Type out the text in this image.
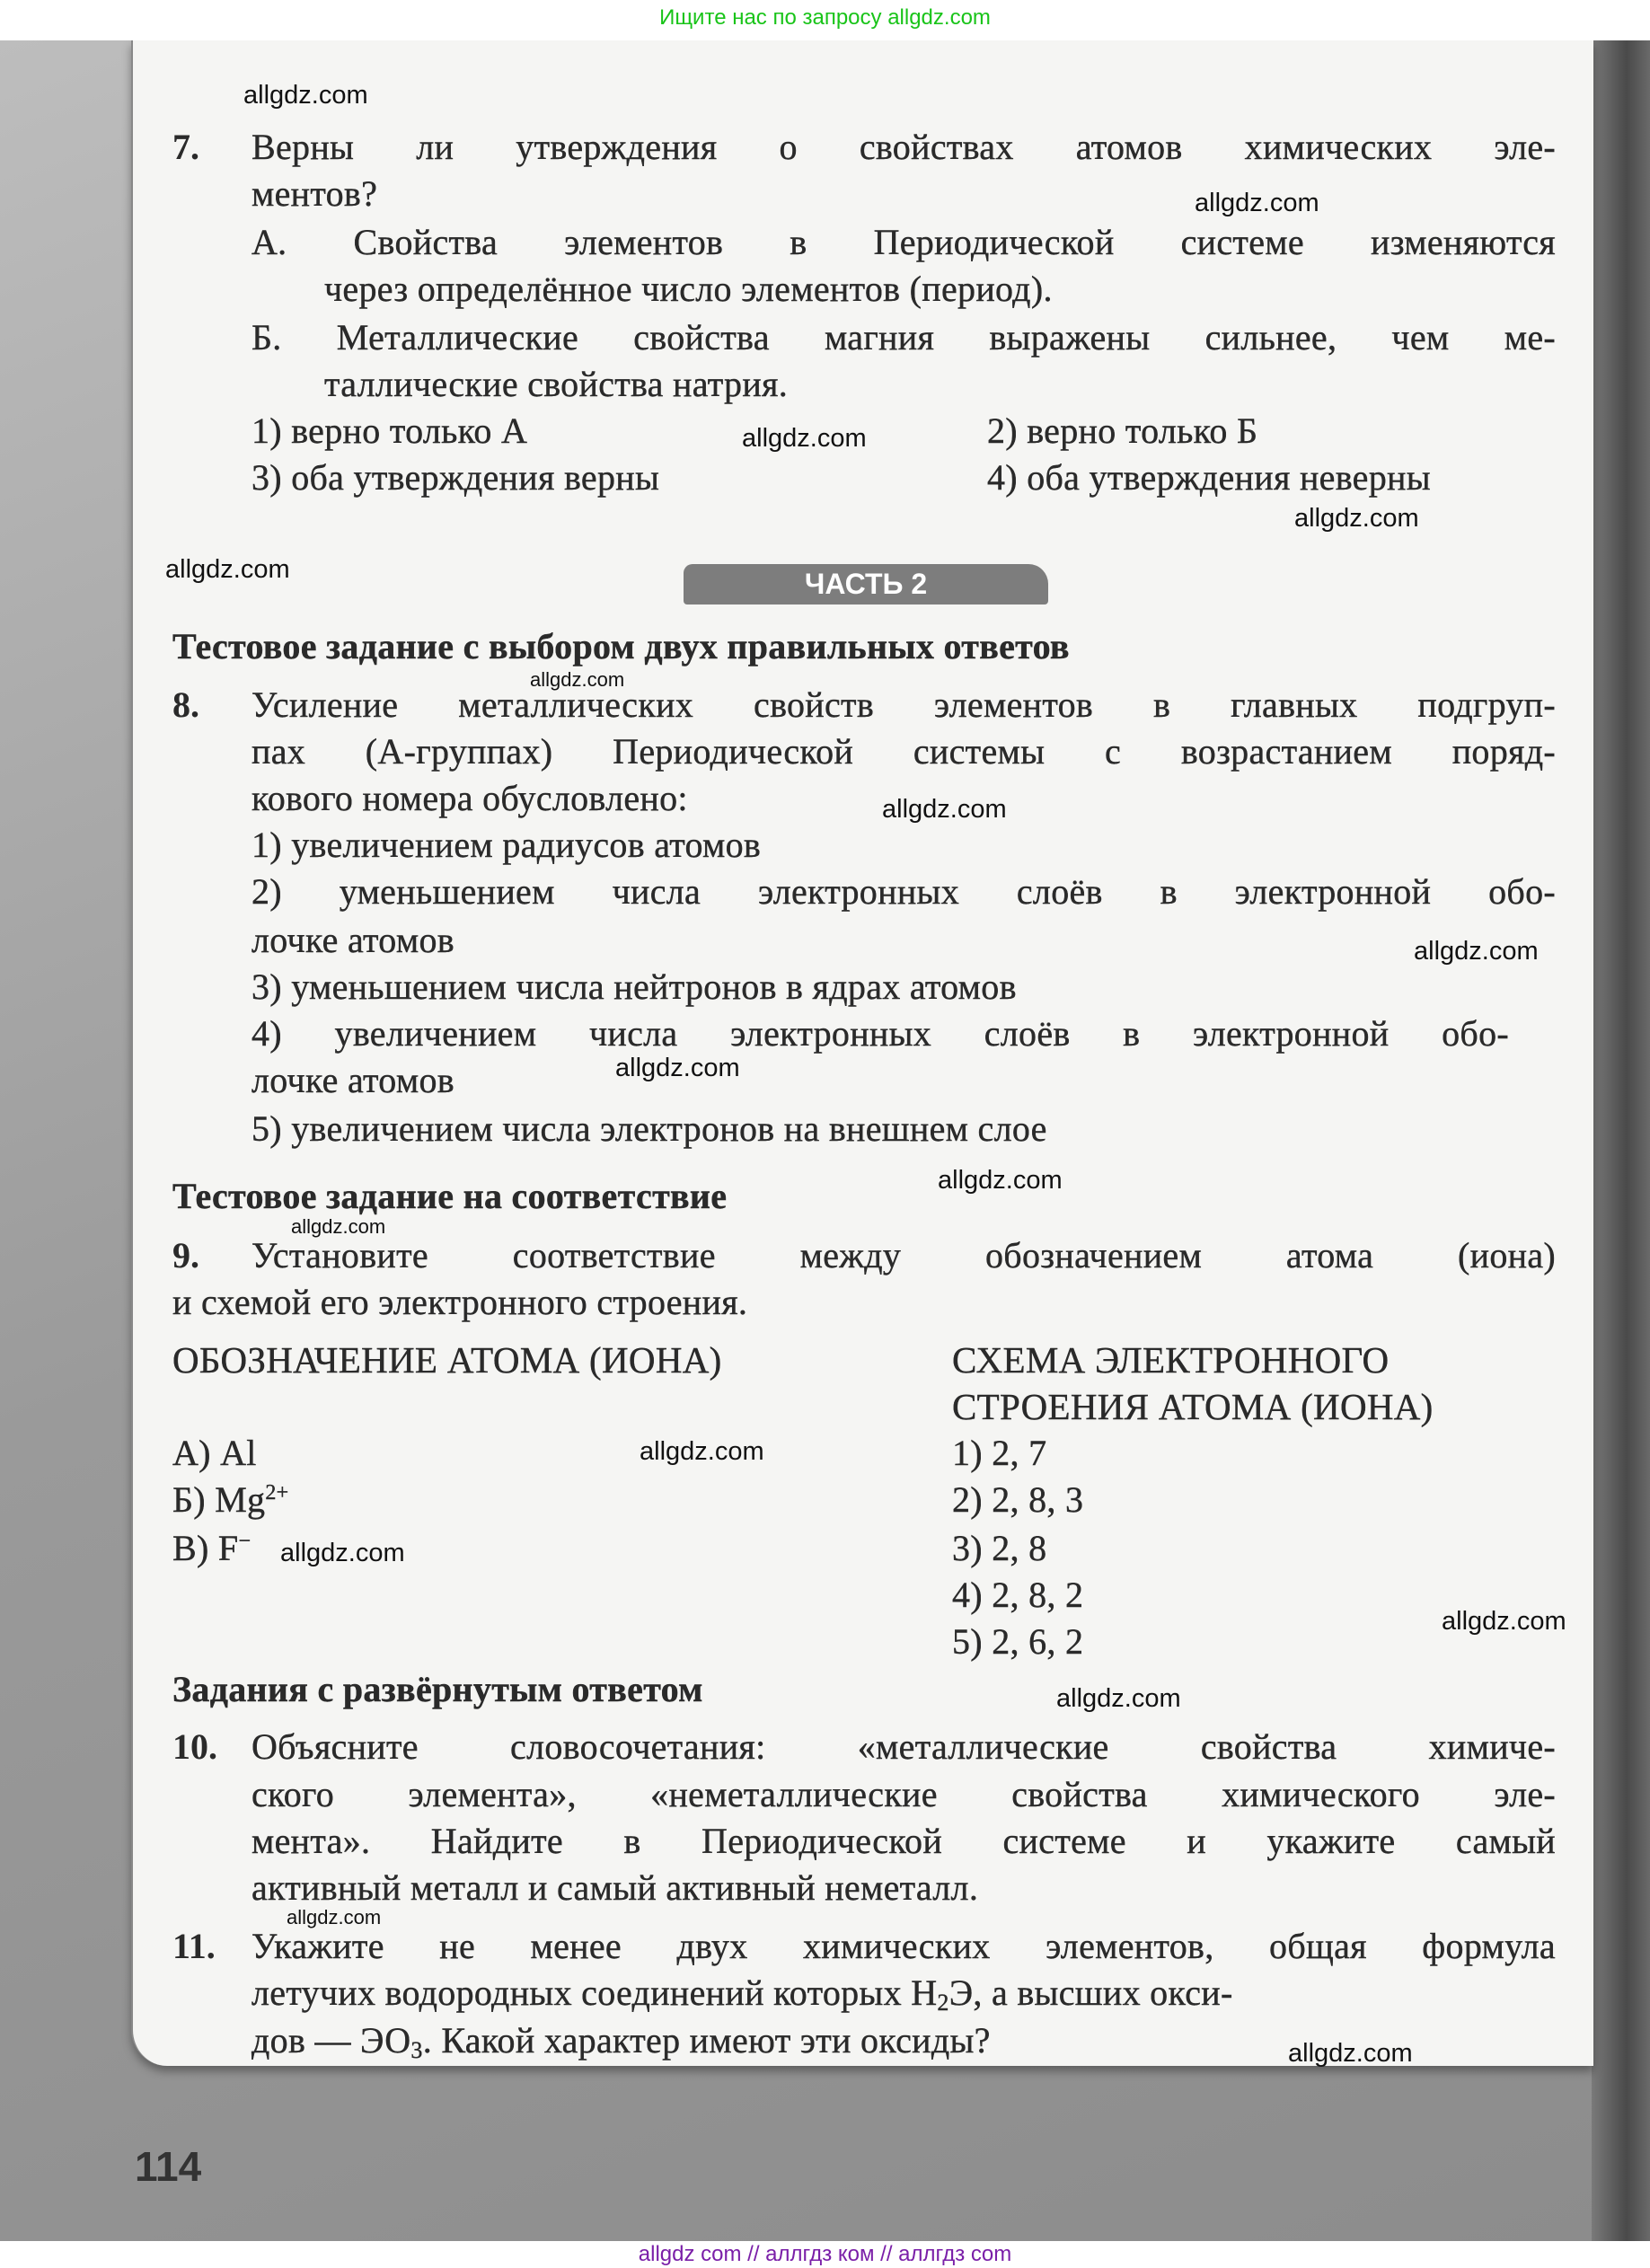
Ищите нас по запросу allgdz.com
7. Верны ли утверждения о свойствах атомов химических эле-
ментов?
А. Свойства элементов в Периодической системе изменяются
через определённое число элементов (период).
Б. Металлические свойства магния выражены сильнее, чем ме-
таллические свойства натрия.
1) верно только А	2) верно только Б
3) оба утверждения верны	4) оба утверждения неверны
ЧАСТЬ 2
Тестовое задание с выбором двух правильных ответов
8. Усиление металлических свойств элементов в главных подгруп-
пах (А-группах) Периодической системы с возрастанием поряд-
кового номера обусловлено:
1) увеличением радиусов атомов
2) уменьшением числа электронных слоёв в электронной обо-
лочке атомов
3) уменьшением числа нейтронов в ядрах атомов
4) увеличением числа электронных слоёв в электронной обо-
лочке атомов
5) увеличением числа электронов на внешнем слое
Тестовое задание на соответствие
9. Установите соответствие между обозначением атома (иона)
и схемой его электронного строения.
ОБОЗНАЧЕНИЕ АТОМА (ИОНА)	СХЕМА ЭЛЕКТРОННОГО
СТРОЕНИЯ АТОМА (ИОНА)
А) Al
Б) $Mg^{2+}$
В) F−
1) 2, 7
2) 2, 8, 3
3) 2, 8
4) 2, 8, 2
5) 2, 6, 2
Задания с развёрнутым ответом
10. Объясните словосочетания: «металлические свойства химиче-
ского элемента», «неметаллические свойства химического эле-
мента». Найдите в Периодической системе и укажите самый
активный металл и самый активный неметалл.
11. Укажите не менее двух химических элементов, общая формула
летучих водородных соединений которых $H_2Э$, а высших окси-
дов — $ЭО_3$. Какой характер имеют эти оксиды?
114
allgdz.com
allgdz.com
allgdz.com
allgdz.com
allgdz.com
allgdz.com
allgdz.com
allgdz.com
allgdz.com
allgdz.com
allgdz.com
allgdz.com
allgdz.com
allgdz.com
allgdz.com
allgdz.com
allgdz.com
allgdz com // аллгдз ком // аллгдз com
